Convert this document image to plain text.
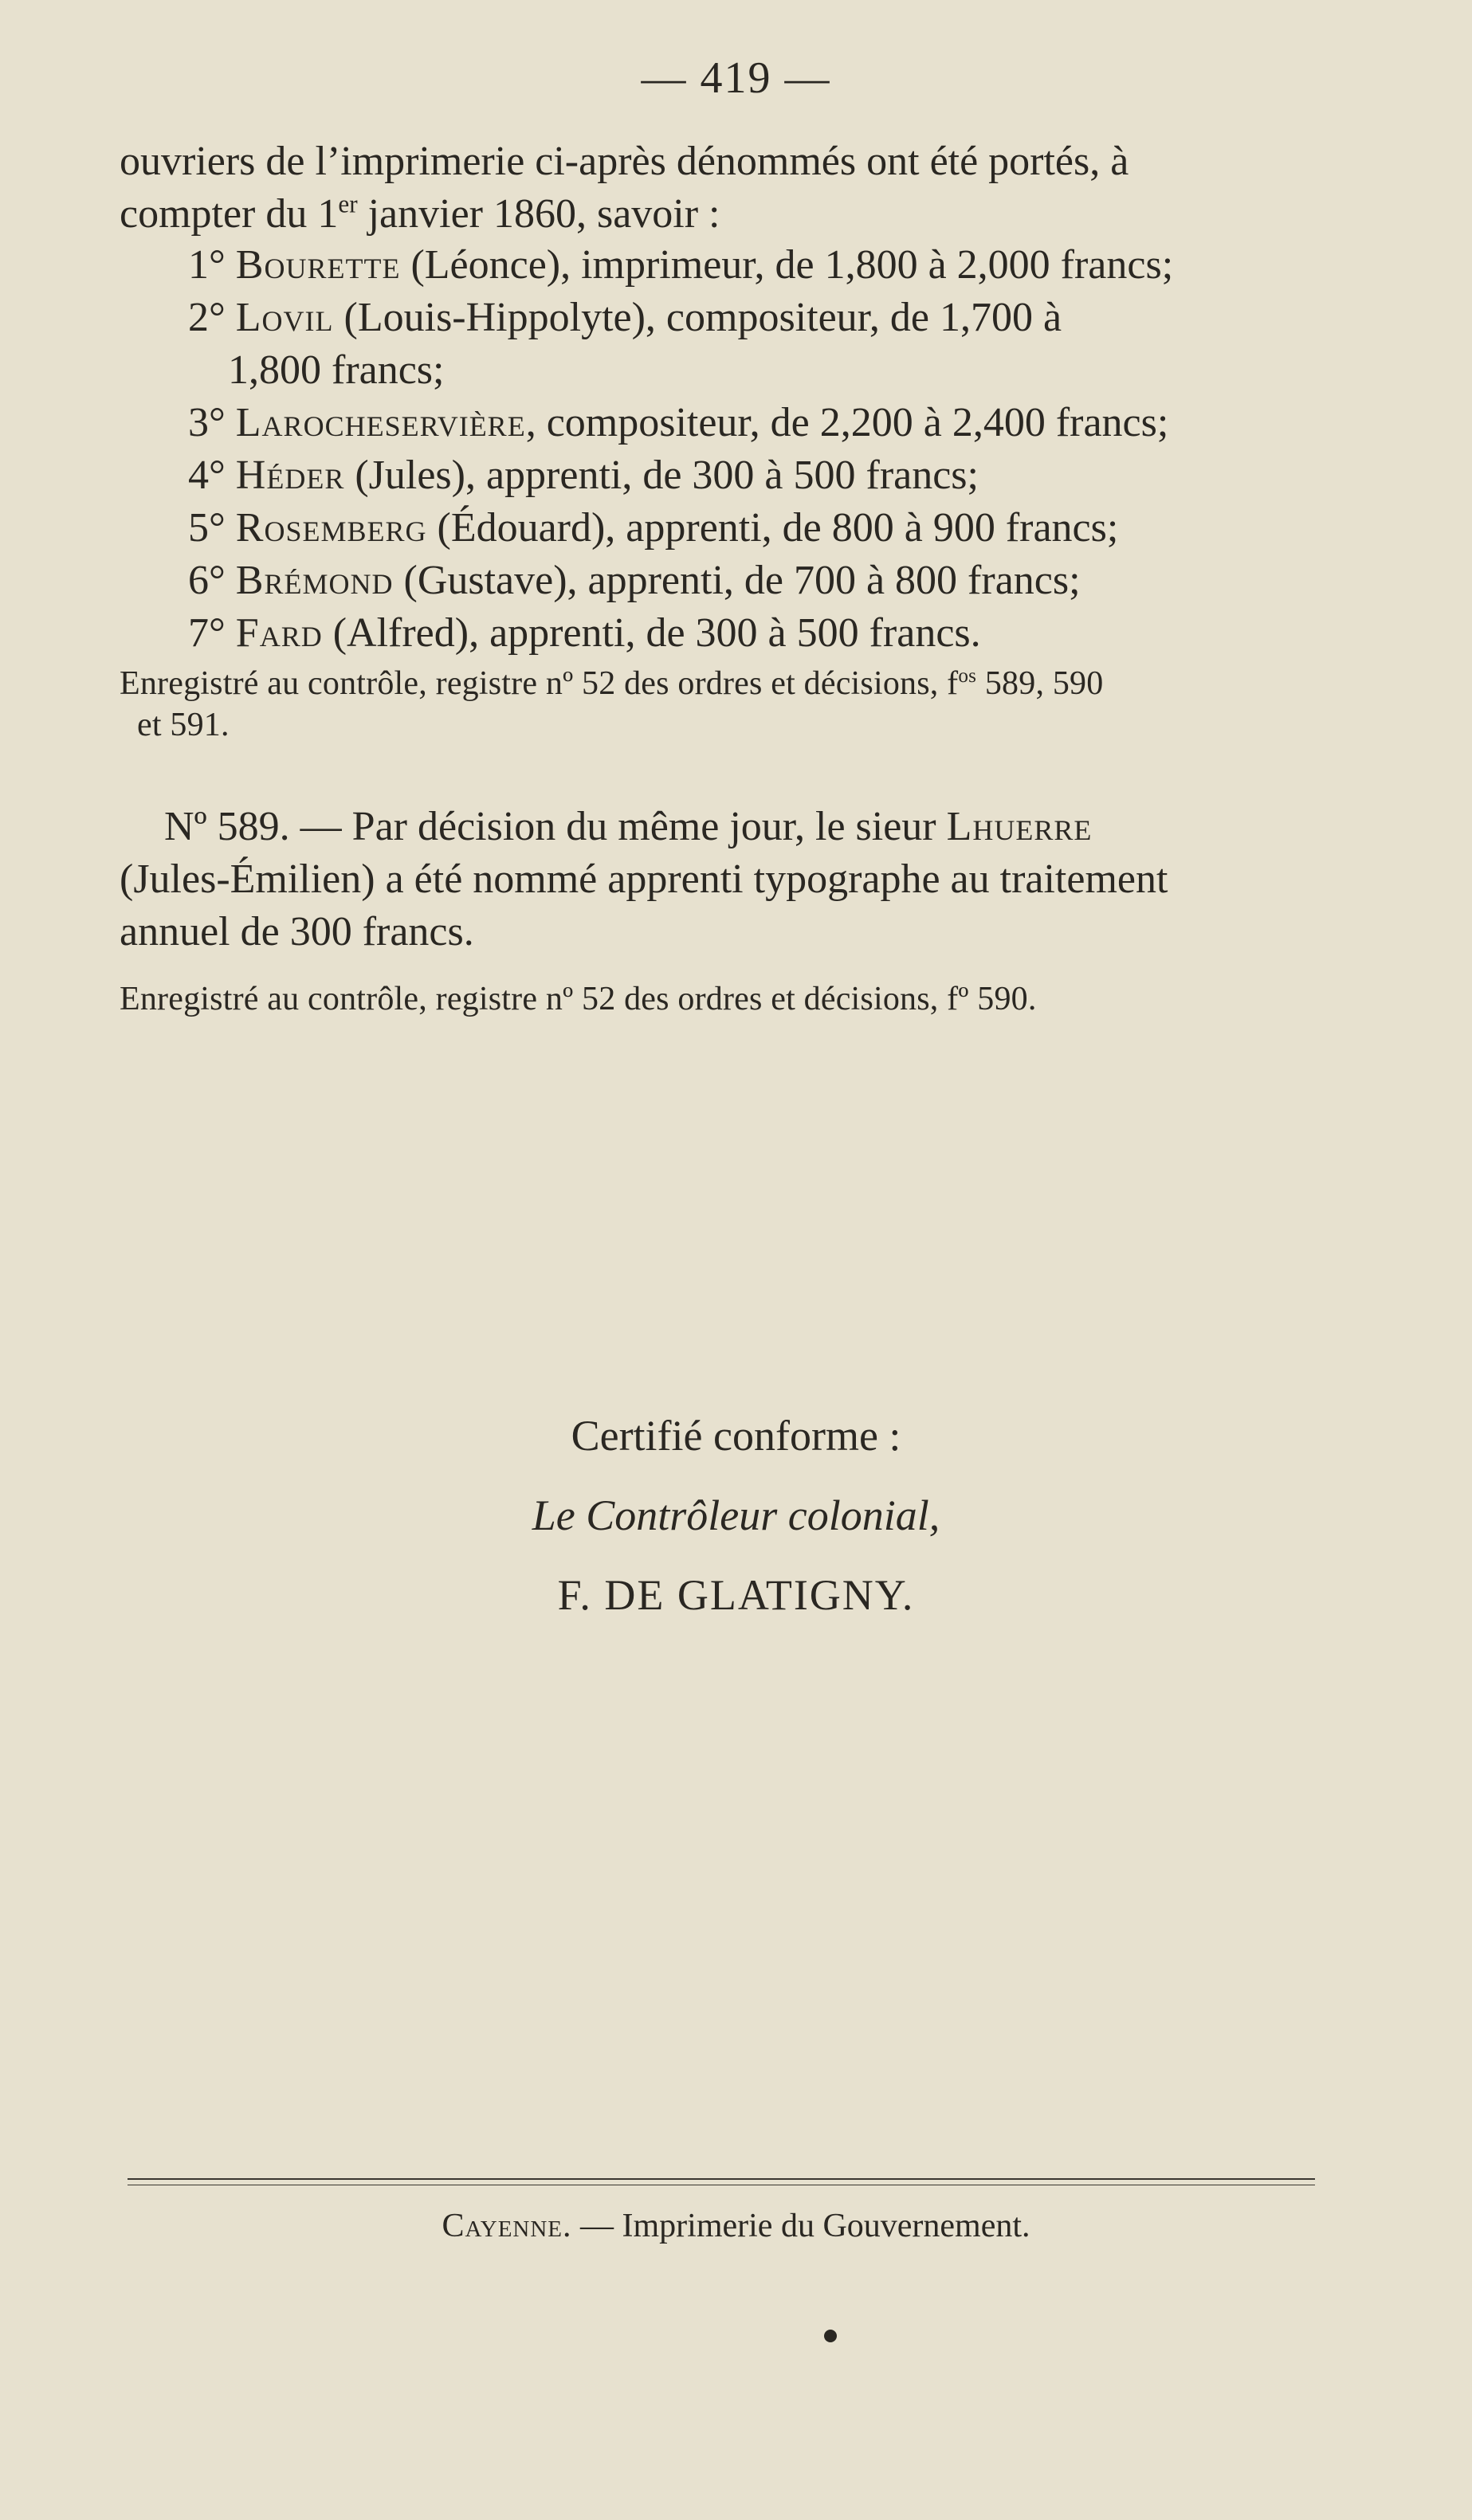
— 419 —
ouvriers de l’imprimerie ci-après dénommés ont été portés, à
compter du 1er janvier 1860, savoir :
1° Bourette (Léonce), imprimeur, de 1,800 à 2,000 francs;
2° Lovil (Louis-Hippolyte), compositeur, de 1,700 à
1,800 francs;
3° Larocheservière, compositeur, de 2,200 à 2,400 francs;
4° Héder (Jules), apprenti, de 300 à 500 francs;
5° Rosemberg (Édouard), apprenti, de 800 à 900 francs;
6° Brémond (Gustave), apprenti, de 700 à 800 francs;
7° Fard (Alfred), apprenti, de 300 à 500 francs.
Enregistré au contrôle, registre nº 52 des ordres et décisions, $f^{os}$ 589, 590
et 591.
Nº 589. — Par décision du même jour, le sieur Lhuerre
(Jules-Émilien) a été nommé apprenti typographe au traitement
annuel de 300 francs.
Enregistré au contrôle, registre nº 52 des ordres et décisions, fº 590.
Certifié conforme :
Le Contrôleur colonial,
F. DE GLATIGNY.
Cayenne. — Imprimerie du Gouvernement.
